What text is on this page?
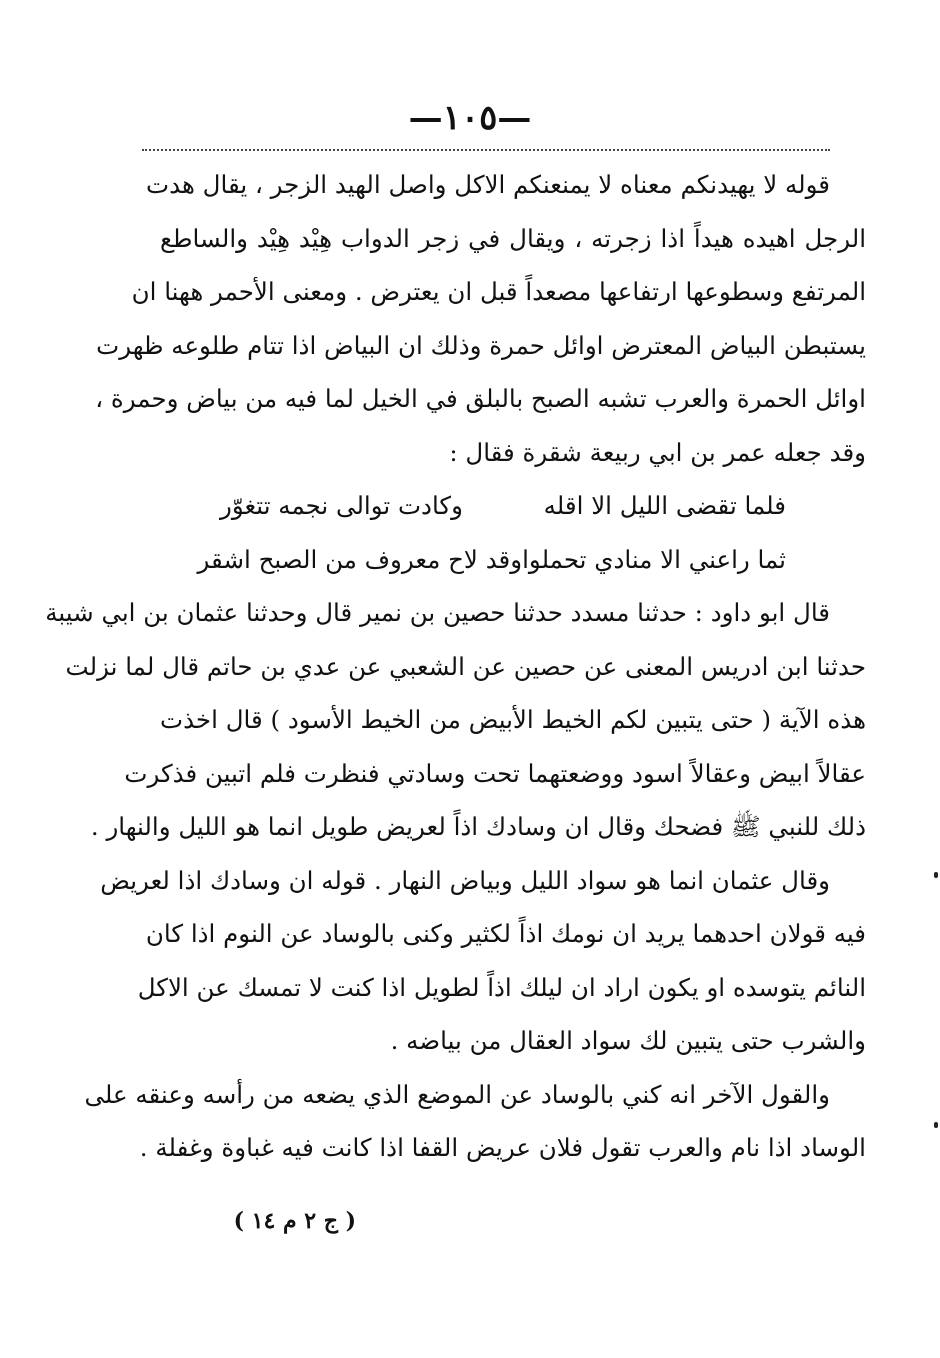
—١٠٥—
قوله لا يهيدنكم معناه لا يمنعنكم الاكل واصل الهيد الزجر ، يقال هدت
الرجل اهيده هيداً اذا زجرته ، ويقال في زجر الدواب هِيْد هِيْد والساطع
المرتفع وسطوعها ارتفاعها مصعداً قبل ان يعترض . ومعنى الأحمر ههنا ان
يستبطن البياض المعترض اوائل حمرة وذلك ان البياض اذا تتام طلوعه ظهرت
اوائل الحمرة والعرب تشبه الصبح بالبلق في الخيل لما فيه من بياض وحمرة ،
وقد جعله عمر بن ابي ربيعة شقرة فقال :
فلما تقضى الليل الا اقله
وكادت توالى نجمه تتغوّر
ثما راعني الا منادي تحملوا
وقد لاح معروف من الصبح اشقر
قال ابو داود : حدثنا مسدد حدثنا حصين بن نمير قال وحدثنا عثمان بن ابي شيبة
حدثنا ابن ادريس المعنى عن حصين عن الشعبي عن عدي بن حاتم قال لما نزلت
هذه الآية ( حتى يتبين لكم الخيط الأبيض من الخيط الأسود ) قال اخذت
عقالاً ابيض وعقالاً اسود ووضعتهما تحت وسادتي فنظرت فلم اتبين فذكرت
ذلك للنبي ﷺ فضحك وقال ان وسادك اذاً لعريض طويل انما هو الليل والنهار .
وقال عثمان انما هو سواد الليل وبياض النهار . قوله ان وسادك اذا لعريض
فيه قولان احدهما يريد ان نومك اذاً لكثير وكنى بالوساد عن النوم اذا كان
النائم يتوسده او يكون اراد ان ليلك اذاً لطويل اذا كنت لا تمسك عن الاكل
والشرب حتى يتبين لك سواد العقال من بياضه .
والقول الآخر انه كني بالوساد عن الموضع الذي يضعه من رأسه وعنقه على
الوساد اذا نام والعرب تقول فلان عريض القفا اذا كانت فيه غباوة وغفلة .
( ج ٢ م ١٤ )
